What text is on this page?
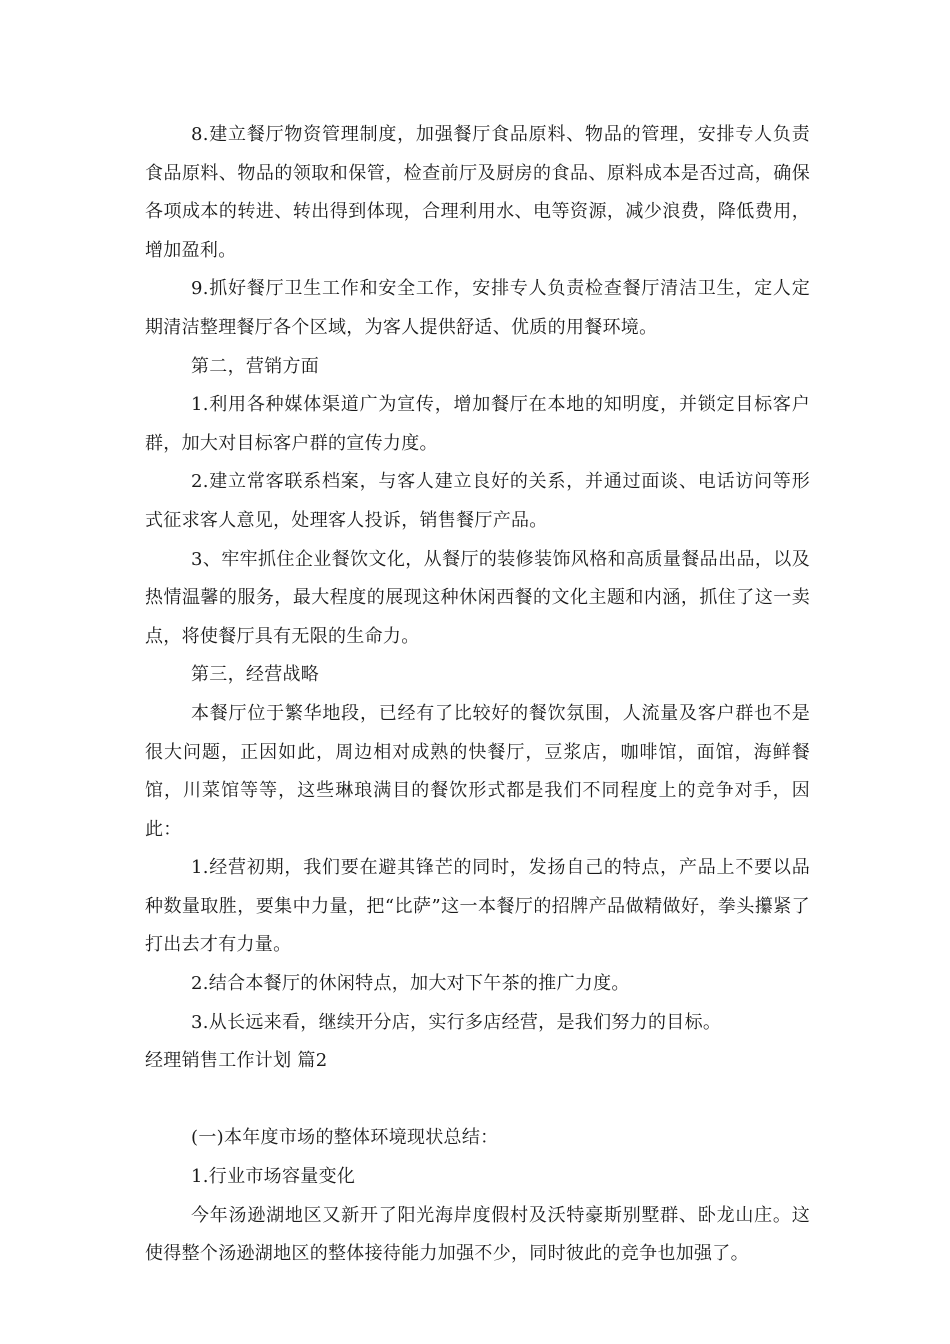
8.建立餐厅物资管理制度，加强餐厅食品原料、物品的管理，安排专人负责食品原料、物品的领取和保管，检查前厅及厨房的食品、原料成本是否过高，确保各项成本的转进、转出得到体现，合理利用水、电等资源，减少浪费，降低费用，增加盈利。

9.抓好餐厅卫生工作和安全工作，安排专人负责检查餐厅清洁卫生，定人定期清洁整理餐厅各个区域，为客人提供舒适、优质的用餐环境。

第二，营销方面

1.利用各种媒体渠道广为宣传，增加餐厅在本地的知明度，并锁定目标客户群，加大对目标客户群的宣传力度。

2.建立常客联系档案，与客人建立良好的关系，并通过面谈、电话访问等形式征求客人意见，处理客人投诉，销售餐厅产品。

3、牢牢抓住企业餐饮文化，从餐厅的装修装饰风格和高质量餐品出品，以及热情温馨的服务，最大程度的展现这种休闲西餐的文化主题和内涵，抓住了这一卖点，将使餐厅具有无限的生命力。

第三，经营战略

本餐厅位于繁华地段，已经有了比较好的餐饮氛围，人流量及客户群也不是很大问题，正因如此，周边相对成熟的快餐厅，豆浆店，咖啡馆，面馆，海鲜餐馆，川菜馆等等，这些琳琅满目的餐饮形式都是我们不同程度上的竞争对手，因此：

1.经营初期，我们要在避其锋芒的同时，发扬自己的特点，产品上不要以品种数量取胜，要集中力量，把“比萨”这一本餐厅的招牌产品做精做好，拳头攥紧了打出去才有力量。

2.结合本餐厅的休闲特点，加大对下午茶的推广力度。

3.从长远来看，继续开分店，实行多店经营，是我们努力的目标。

经理销售工作计划 篇2

(一)本年度市场的整体环境现状总结：

1.行业市场容量变化

今年汤逊湖地区又新开了阳光海岸度假村及沃特豪斯别墅群、卧龙山庄。这使得整个汤逊湖地区的整体接待能力加强不少，同时彼此的竞争也加强了。
